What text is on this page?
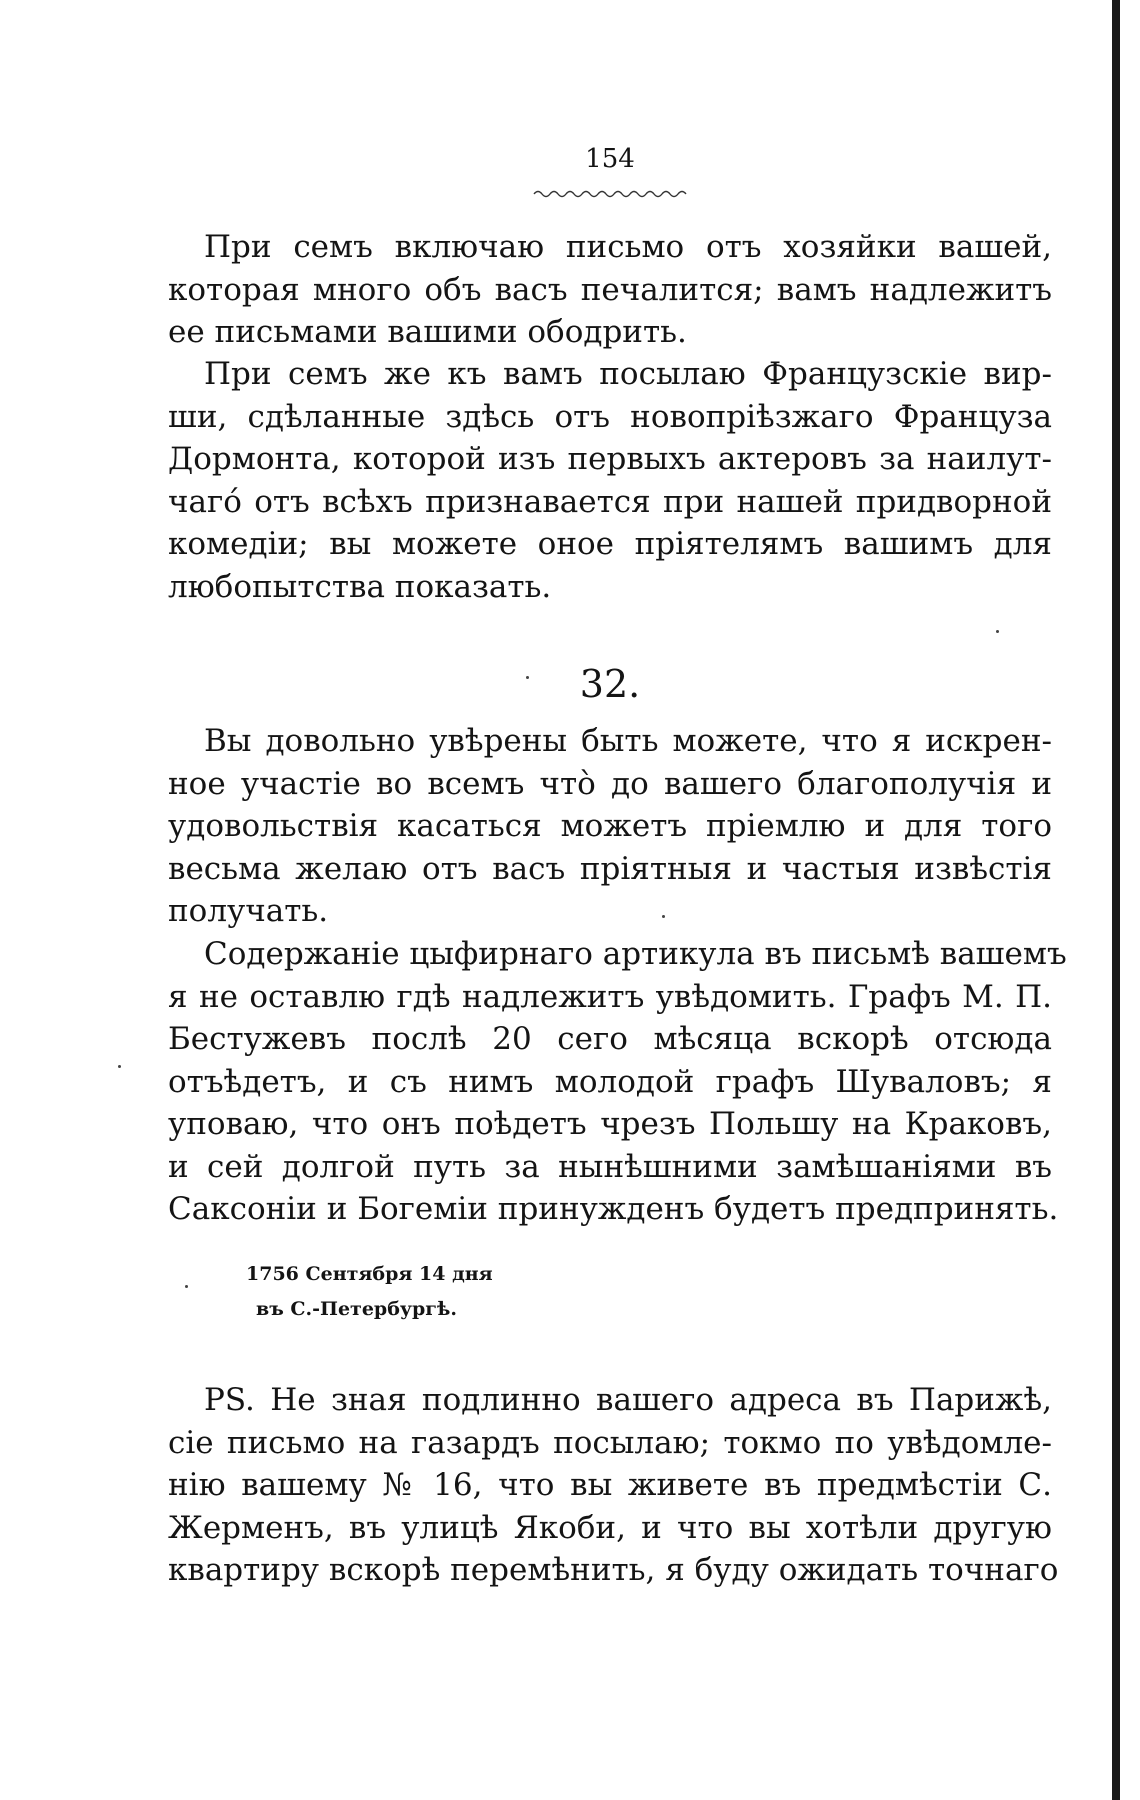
154
При семъ включаю письмо отъ хозяйки вашей,
которая много объ васъ печалится; вамъ надлежитъ
ее письмами вашими ободрить.
При семъ же къ вамъ посылаю Французскіе вир-
ши, сдѣланные здѣсь отъ новопріѣзжаго Француза
Дормонта, которой изъ первыхъ актеровъ за наилут-
чагó отъ всѣхъ признавается при нашей придворной
комедіи; вы можете оное пріятелямъ вашимъ для
любопытства показать.
32.
Вы довольно увѣрены быть можете, что я искрен-
ное участіе во всемъ чтò до вашего благополучія и
удовольствія касаться можетъ пріемлю и для того
весьма желаю отъ васъ пріятныя и частыя извѣстія
получать.
Содержаніе цыфирнаго артикула въ письмѣ вашемъ
я не оставлю гдѣ надлежитъ увѣдомить. Графъ М. П.
Бестужевъ послѣ 20 сего мѣсяца вскорѣ отсюда
отъѣдетъ, и съ нимъ молодой графъ Шуваловъ; я
уповаю, что онъ поѣдетъ чрезъ Польшу на Краковъ,
и сей долгой путь за нынѣшними замѣшаніями въ
Саксоніи и Богеміи принужденъ будетъ предпринять.
1756 Сентября 14 дня
въ С.-Петербургѣ.
PS. Не зная подлинно вашего адреса въ Парижѣ,
сіе письмо на газардъ посылаю; токмо по увѣдомле-
нію вашему № 16, что вы живете въ предмѣстіи С.
Жерменъ, въ улицѣ Якоби, и что вы хотѣли другую
квартиру вскорѣ перемѣнить, я буду ожидать точнаго
